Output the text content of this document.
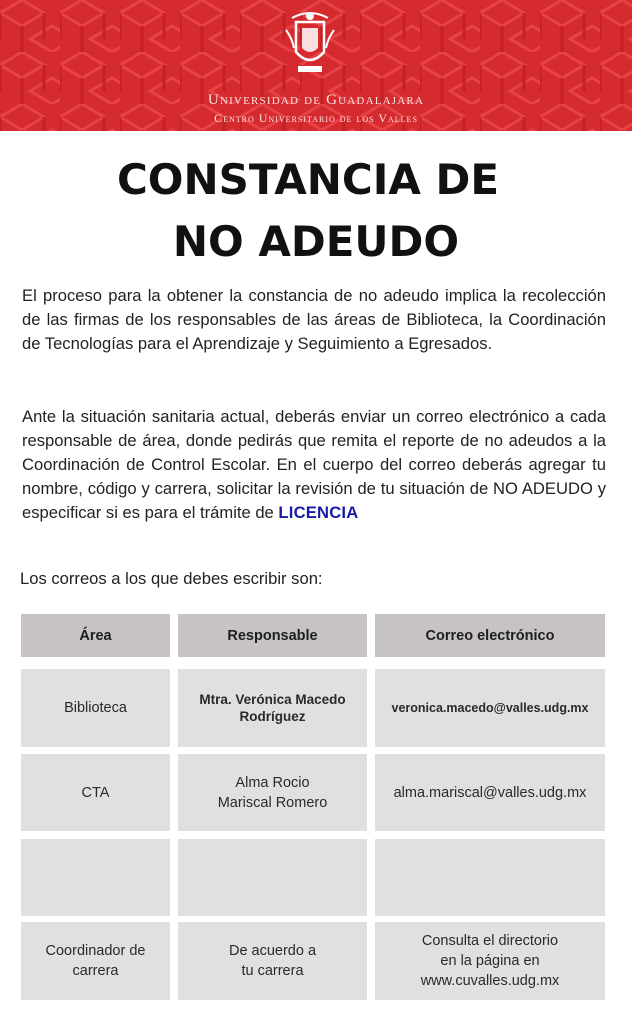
Universidad de Guadalajara
Centro Universitario de los Valles
CONSTANCIA DE
NO ADEUDO
El proceso para la obtener la constancia de no adeudo implica la recolección de las firmas de los responsables de las áreas de Biblioteca, la Coordinación de Tecnologías para el Aprendizaje y Seguimiento a Egresados.
Ante la situación sanitaria actual, deberás enviar un correo electrónico a cada responsable de área, donde pedirás que remita el reporte de no adeudos a la Coordinación de Control Escolar. En el cuerpo del correo deberás agregar tu nombre, código y carrera, solicitar la revisión de tu situación de NO ADEUDO y especificar si es para el trámite de LICENCIA
Los correos a los que debes escribir son:
Área	Responsable	Correo electrónico
Biblioteca
Mtra. Verónica Macedo
Rodríguez
veronica.macedo@valles.udg.mx
CTA
Alma Rocio
Mariscal Romero
alma.mariscal@valles.udg.mx
Coordinador de
carrera
De acuerdo a
tu carrera
Consulta el directorio
en la página en
www.cuvalles.udg.mx
